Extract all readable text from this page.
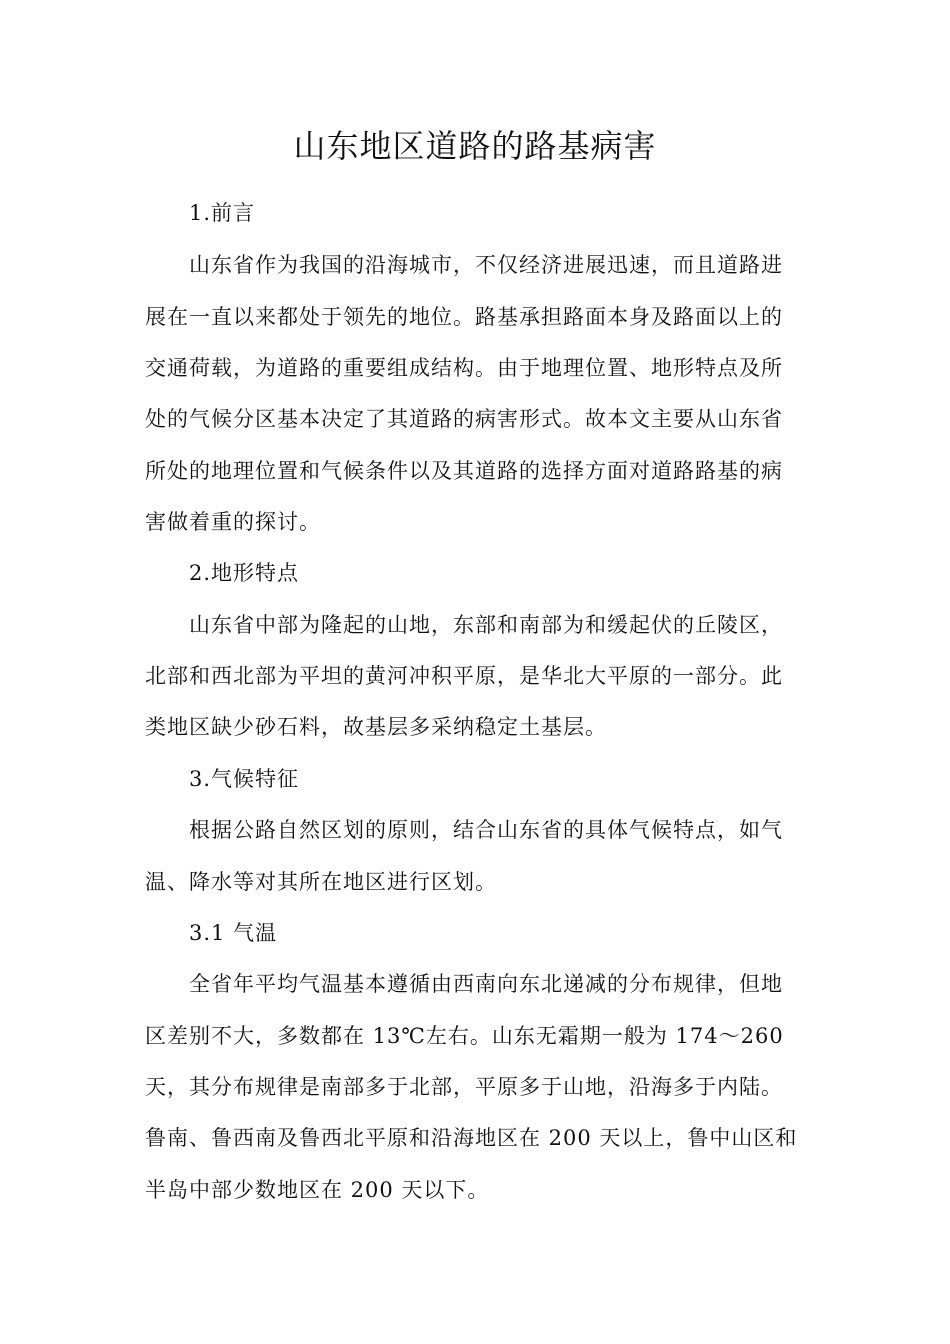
山东地区道路的路基病害
1.前言
山东省作为我国的沿海城市，不仅经济进展迅速，而且道路进
展在一直以来都处于领先的地位。路基承担路面本身及路面以上的
交通荷载，为道路的重要组成结构。由于地理位置、地形特点及所
处的气候分区基本决定了其道路的病害形式。故本文主要从山东省
所处的地理位置和气候条件以及其道路的选择方面对道路路基的病
害做着重的探讨。
2.地形特点
山东省中部为隆起的山地，东部和南部为和缓起伏的丘陵区，
北部和西北部为平坦的黄河冲积平原，是华北大平原的一部分。此
类地区缺少砂石料，故基层多采纳稳定土基层。
3.气候特征
根据公路自然区划的原则，结合山东省的具体气候特点，如气
温、降水等对其所在地区进行区划。
3.1 气温
全省年平均气温基本遵循由西南向东北递减的分布规律，但地
区差别不大，多数都在 13℃左右。山东无霜期一般为 174～260
天，其分布规律是南部多于北部，平原多于山地，沿海多于内陆。
鲁南、鲁西南及鲁西北平原和沿海地区在 200 天以上，鲁中山区和
半岛中部少数地区在 200 天以下。
